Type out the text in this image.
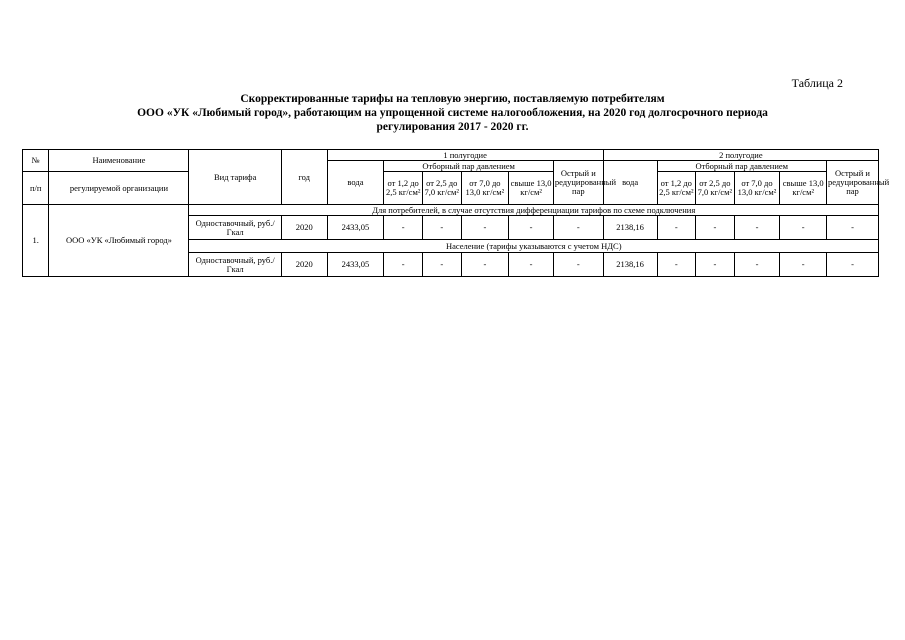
Таблица 2
Скорректированные тарифы на тепловую энергию, поставляемую потребителям
ООО «УК «Любимый город», работающим на упрощенной системе налогообложения, на 2020 год долгосрочного периода
регулирования 2017 - 2020 гг.
№	Наименование	Вид тарифа	год	1 полугодие						2 полугодие					
				вода	Отборный пар давлением				Острый и редуцированный пар	вода	Отборный пар давлением				Острый и редуцированный пар

п/п	регулируемой организации				от 1,2 до 2,5 кг/см²	от 2,5 до 7,0 кг/см²	от 7,0 до 13,0 кг/см²	свыше 13,0 кг/см²			от 1,2 до 2,5 кг/см²	от 2,5 до 7,0 кг/см²	от 7,0 до 13,0 кг/см²	свыше 13,0 кг/см²	

1.	ООО «УК «Любимый город»	Для потребителей, в случае отсутствия дифференциации тарифов по схеме подключения													
		Одноставочный, руб./Гкал	2020	2433,05	-	-	-	-	-	2138,16	-	-	-	-	-
		Население (тарифы указываются с учетом НДС)													
		Одноставочный, руб./Гкал	2020	2433,05	-	-	-	-	-	2138,16	-	-	-	-	-
